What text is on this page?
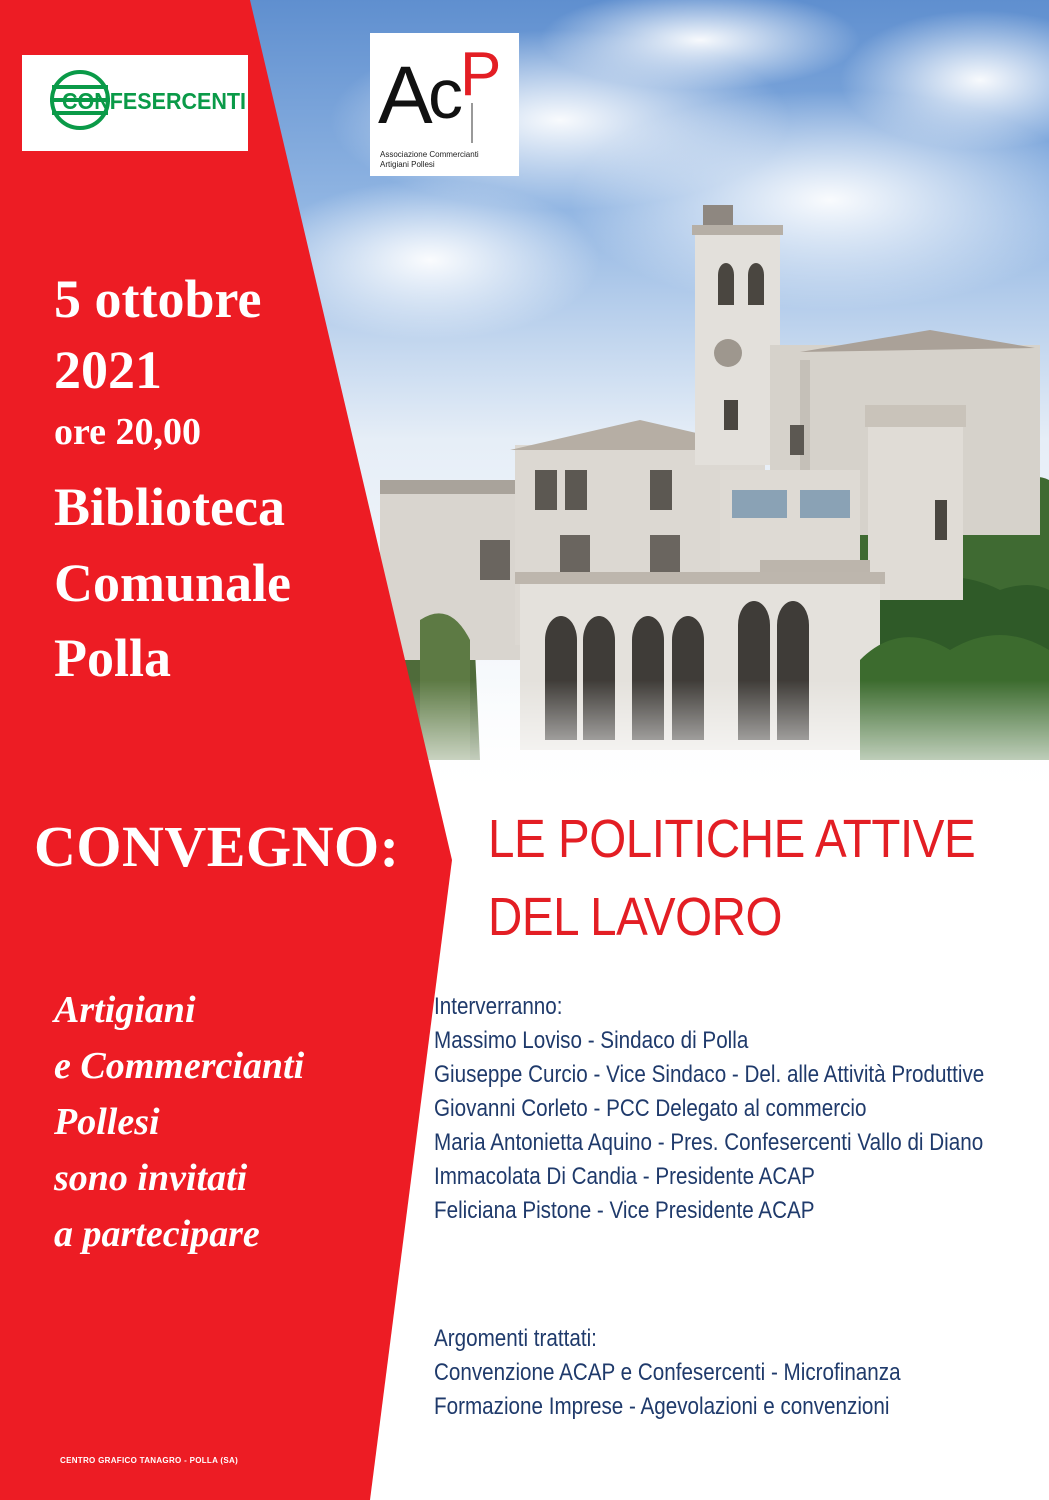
CONFESERCENTI A
c
P
Associazione Commercianti
Artigiani Pollesi
5 ottobre
2021
ore 20,00
Biblioteca
Comunale
Polla
CONVEGNO:
Artigiani
e Commercianti
Pollesi
sono invitati
a partecipare
CENTRO GRAFICO TANAGRO - POLLA (SA)
LE POLITICHE ATTIVE
DEL LAVORO
Interverranno:
Massimo Loviso - Sindaco di Polla
Giuseppe Curcio - Vice Sindaco - Del. alle Attività Produttive
Giovanni Corleto - PCC Delegato al commercio
Maria Antonietta Aquino - Pres. Confesercenti Vallo di Diano
Immacolata Di Candia - Presidente ACAP
Feliciana Pistone - Vice Presidente ACAP
Argomenti trattati:
Convenzione ACAP e Confesercenti - Microfinanza
Formazione Imprese - Agevolazioni e convenzioni
